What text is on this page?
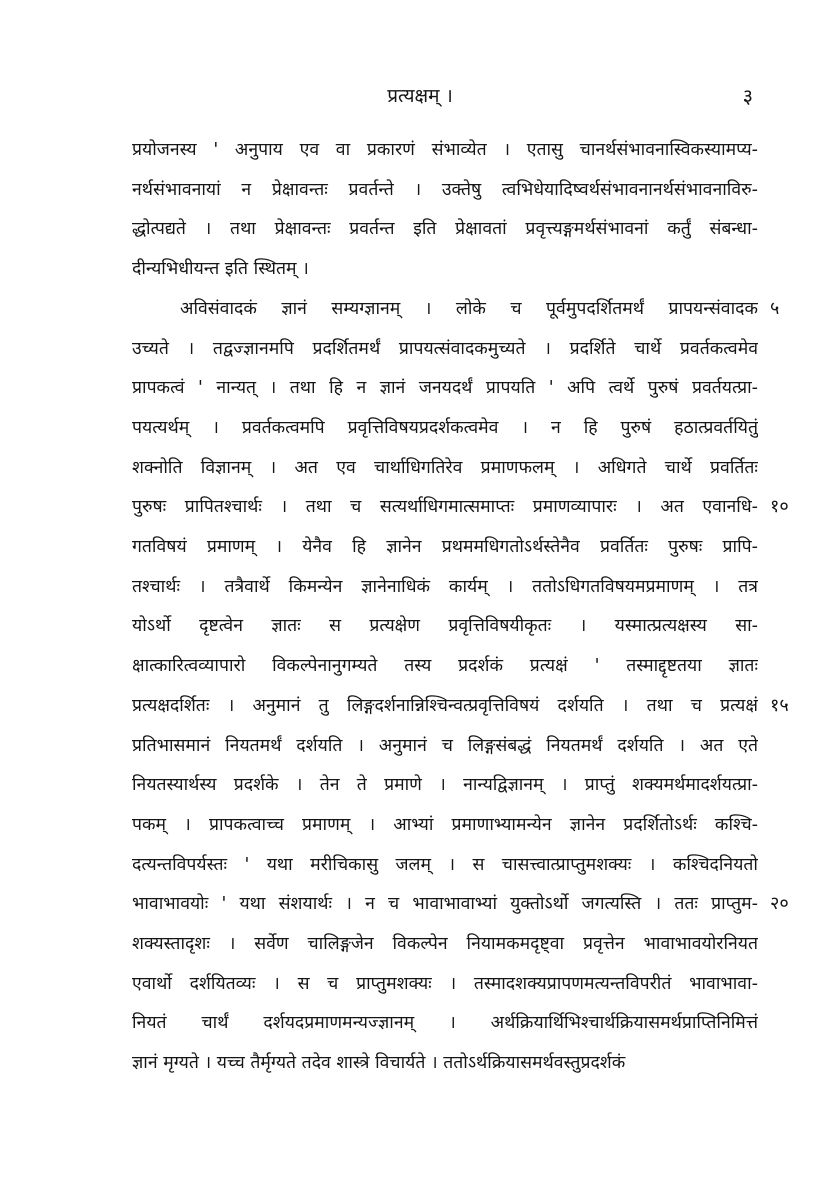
प्रत्यक्षम् ।	३
प्रयोजनस्य ' अनुपाय एव वा प्रकारणं संभाव्येत । एतासु चानर्थसंभावनास्विकस्यामप्य-
नर्थसंभावनायां न प्रेक्षावन्तः प्रवर्तन्ते । उक्तेषु त्वभिधेयादिष्वर्थसंभावनानर्थसंभावनाविरु-
द्धोत्पद्यते । तथा प्रेक्षावन्तः प्रवर्तन्त इति प्रेक्षावतां प्रवृत्त्यङ्गमर्थसंभावनां कर्तुं संबन्धा-
दीन्यभिधीयन्त इति स्थितम् ।
अविसंवादकं ज्ञानं सम्यग्ज्ञानम् । लोके च पूर्वमुपदर्शितमर्थं प्रापयन्संवादक ५
उच्यते । तद्वज्ज्ञानमपि प्रदर्शितमर्थं प्रापयत्संवादकमुच्यते । प्रदर्शिते चार्थे प्रवर्तकत्वमेव
प्रापकत्वं ' नान्यत् । तथा हि न ज्ञानं जनयदर्थं प्रापयति ' अपि त्वर्थे पुरुषं प्रवर्तयत्प्रा-
पयत्यर्थम् । प्रवर्तकत्वमपि प्रवृत्तिविषयप्रदर्शकत्वमेव । न हि पुरुषं हठात्प्रवर्तयितुं
शक्नोति विज्ञानम् । अत एव चार्थाधिगतिरेव प्रमाणफलम् । अधिगते चार्थे प्रवर्तितः
पुरुषः प्रापितश्चार्थः । तथा च सत्यर्थाधिगमात्समाप्तः प्रमाणव्यापारः । अत एवानधि- १०
गतविषयं प्रमाणम् । येनैव हि ज्ञानेन प्रथममधिगतोऽर्थस्तेनैव प्रवर्तितः पुरुषः प्रापि-
तश्चार्थः । तत्रैवार्थे किमन्येन ज्ञानेनाधिकं कार्यम् । ततोऽधिगतविषयमप्रमाणम् । तत्र
योऽर्थो दृष्टत्वेन ज्ञातः स प्रत्यक्षेण प्रवृत्तिविषयीकृतः । यस्मात्प्रत्यक्षस्य सा-
क्षात्कारित्वव्यापारो विकल्पेनानुगम्यते तस्य प्रदर्शकं प्रत्यक्षं ' तस्माद्दृष्टतया ज्ञातः
प्रत्यक्षदर्शितः । अनुमानं तु लिङ्गदर्शनान्निश्चिन्वत्प्रवृत्तिविषयं दर्शयति । तथा च प्रत्यक्षं १५
प्रतिभासमानं नियतमर्थं दर्शयति । अनुमानं च लिङ्गसंबद्धं नियतमर्थं दर्शयति । अत एते
नियतस्यार्थस्य प्रदर्शके । तेन ते प्रमाणे । नान्यद्विज्ञानम् । प्राप्तुं शक्यमर्थमादर्शयत्प्रा-
पकम् । प्रापकत्वाच्च प्रमाणम् । आभ्यां प्रमाणाभ्यामन्येन ज्ञानेन प्रदर्शितोऽर्थः कश्चि-
दत्यन्तविपर्यस्तः ' यथा मरीचिकासु जलम् । स चासत्त्वात्प्राप्तुमशक्यः । कश्चिदनियतो
भावाभावयोः ' यथा संशयार्थः । न च भावाभावाभ्यां युक्तोऽर्थो जगत्यस्ति । ततः प्राप्तुम- २०
शक्यस्तादृशः । सर्वेण चालिङ्गजेन विकल्पेन नियामकमदृष्ट्वा प्रवृत्तेन भावाभावयोरनियत
एवार्थो दर्शयितव्यः । स च प्राप्तुमशक्यः । तस्मादशक्यप्रापणमत्यन्तविपरीतं भावाभावा-
नियतं चार्थं दर्शयदप्रमाणमन्यज्ज्ञानम् । अर्थक्रियार्थिभिश्चार्थक्रियासमर्थप्राप्तिनिमित्तं
ज्ञानं मृग्यते । यच्च तैर्मृग्यते तदेव शास्त्रे विचार्यते । ततोऽर्थक्रियासमर्थवस्तुप्रदर्शकं
